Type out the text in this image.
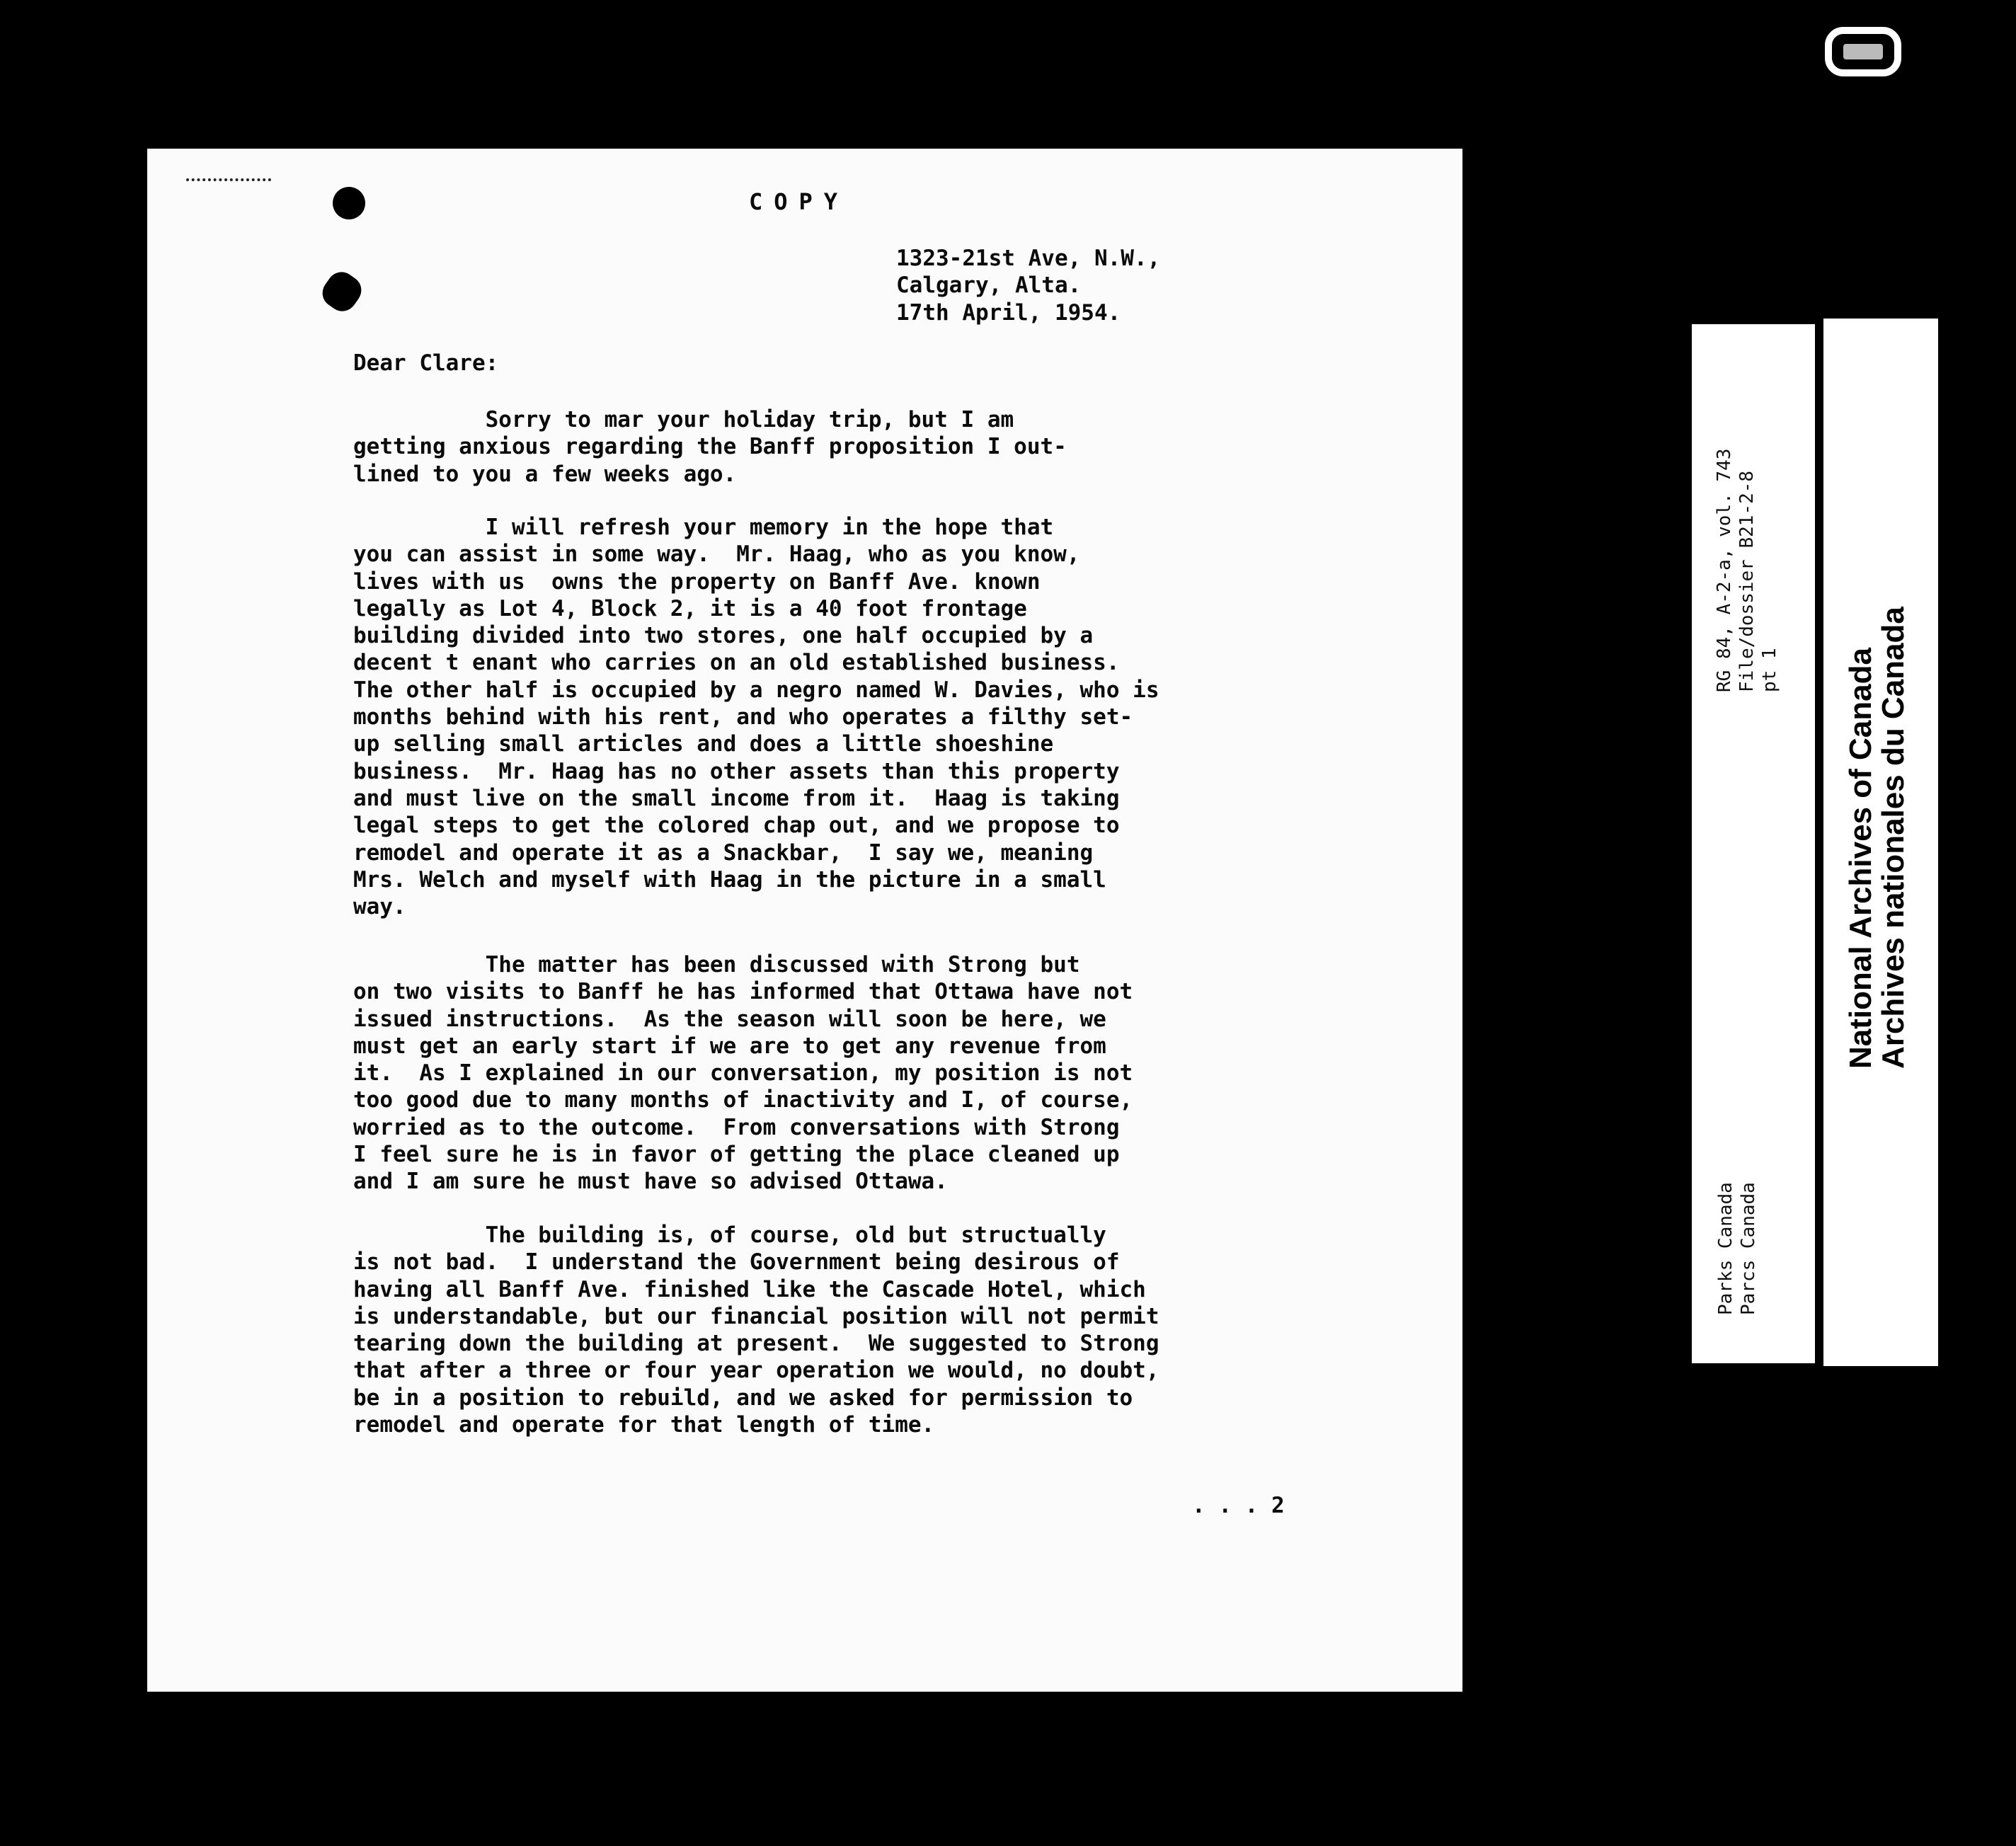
COPY

1323-21st Ave, N.W.,
Calgary, Alta.
17th April, 1954.

Dear Clare:

Sorry to mar your holiday trip, but I am
getting anxious regarding the Banff proposition I out-
lined to you a few weeks ago.

I will refresh your memory in the hope that
you can assist in some way.  Mr. Haag, who as you know,
lives with us  owns the property on Banff Ave. known
legally as Lot 4, Block 2, it is a 40 foot frontage
building divided into two stores, one half occupied by a
decent t enant who carries on an old established business.
The other half is occupied by a negro named W. Davies, who is
months behind with his rent, and who operates a filthy set-
up selling small articles and does a little shoeshine
business.  Mr. Haag has no other assets than this property
and must live on the small income from it.  Haag is taking
legal steps to get the colored chap out, and we propose to
remodel and operate it as a Snackbar,  I say we, meaning
Mrs. Welch and myself with Haag in the picture in a small
way.

The matter has been discussed with Strong but
on two visits to Banff he has informed that Ottawa have not
issued instructions.  As the season will soon be here, we
must get an early start if we are to get any revenue from
it.  As I explained in our conversation, my position is not
too good due to many months of inactivity and I, of course,
worried as to the outcome.  From conversations with Strong
I feel sure he is in favor of getting the place cleaned up
and I am sure he must have so advised Ottawa.

The building is, of course, old but structually
is not bad.  I understand the Government being desirous of
having all Banff Ave. finished like the Cascade Hotel, which
is understandable, but our financial position will not permit
tearing down the building at present.  We suggested to Strong
that after a three or four year operation we would, no doubt,
be in a position to rebuild, and we asked for permission to
remodel and operate for that length of time.

. . . 2

RG 84, A-2-a, vol. 743 File/dossier B21-2-8 pt 1
Parks Canada Parcs Canada
National Archives of Canada
Archives nationales du Canada
